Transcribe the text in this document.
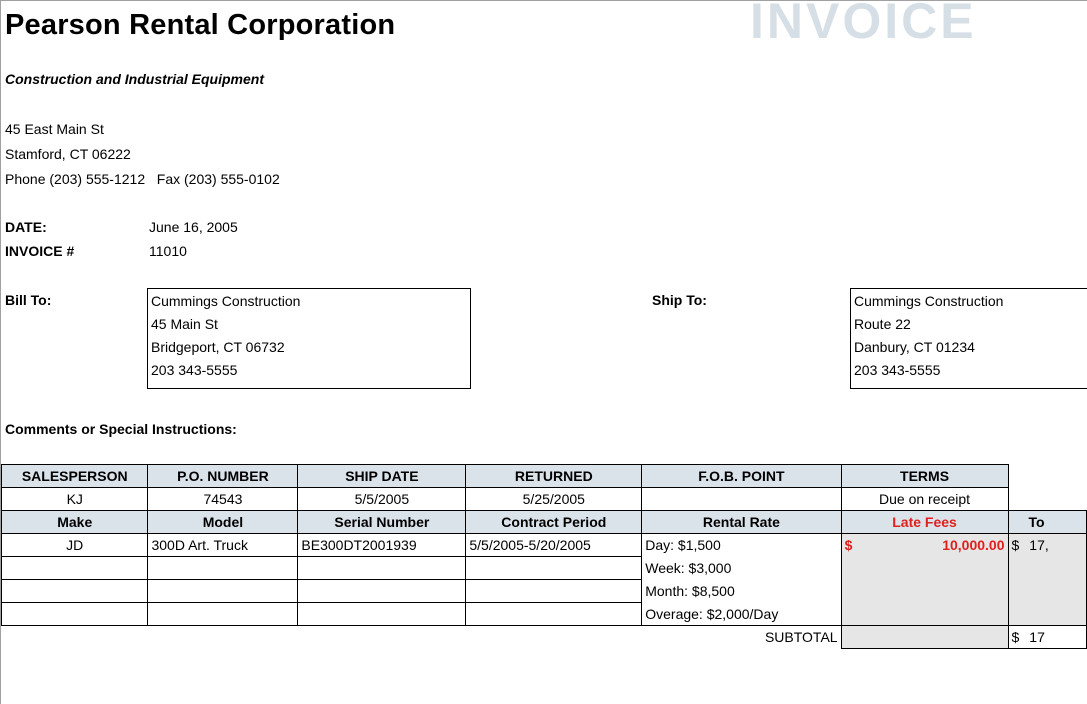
Pearson Rental Corporation	INVOICE
Construction and Industrial Equipment
45 East Main St
Stamford, CT 06222
Phone (203) 555-1212   Fax (203) 555-0102
DATE:	June 16, 2005
INVOICE #	11010
Bill To:	Cummings Construction
45 Main St
Bridgeport, CT 06732
203 343-5555
Ship To:	Cummings Construction
Route 22
Danbury, CT 01234
203 343-5555
Comments or Special Instructions:
SALESPERSON	P.O. NUMBER	SHIP DATE	RETURNED	F.O.B. POINT	TERMS	
KJ	74543	5/5/2005	5/25/2005		Due on receipt	
Make	Model	Serial Number	Contract Period	Rental Rate	Late Fees	To
JD	300D Art. Truck	BE300DT2001939	5/5/2005-5/20/2005	Day: $1,500	$ 10,000.00	$ 17,

				Week: $3,000		
				Month: $8,500		
				Overage: $2,000/Day		
				SUBTOTAL		$ 17
